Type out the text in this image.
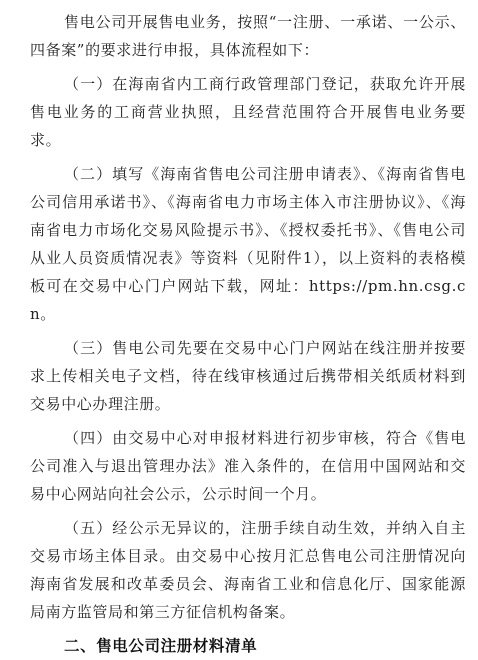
售电公司开展售电业务，按照“一注册、一承诺、一公示、四备案”的要求进行申报，具体流程如下：

（一）在海南省内工商行政管理部门登记，获取允许开展售电业务的工商营业执照，且经营范围符合开展售电业务要求。

（二）填写《海南省售电公司注册申请表》、《海南省售电公司信用承诺书》、《海南省电力市场主体入市注册协议》、《海南省电力市场化交易风险提示书》、《授权委托书》、《售电公司从业人员资质情况表》等资料（见附件1），以上资料的表格模板可在交易中心门户网站下载，网址：https://pm.hn.csg.cn。

（三）售电公司先要在交易中心门户网站在线注册并按要求上传相关电子文档，待在线审核通过后携带相关纸质材料到交易中心办理注册。

（四）由交易中心对申报材料进行初步审核，符合《售电公司准入与退出管理办法》准入条件的，在信用中国网站和交易中心网站向社会公示，公示时间一个月。

（五）经公示无异议的，注册手续自动生效，并纳入自主交易市场主体目录。由交易中心按月汇总售电公司注册情况向海南省发展和改革委员会、海南省工业和信息化厅、国家能源局南方监管局和第三方征信机构备案。

二、售电公司注册材料清单
